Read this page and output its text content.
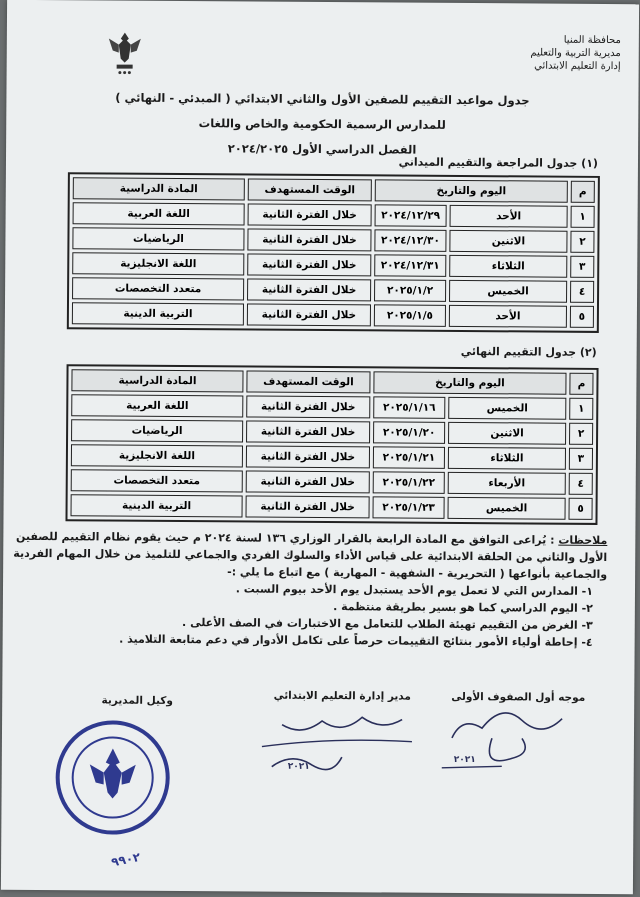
محافظة المنيا
مديرية التربية والتعليم
إدارة التعليم الابتدائي
● ● ●
جدول مواعيد التقييم للصفين الأول والثاني الابتدائي ( المبدئي - النهائي )
للمدارس الرسمية الحكومية والخاص واللغات
الفصل الدراسي الأول ٢٠٢٤/٢٠٢٥
(١) جدول المراجعة والتقييم الميداني
م	اليوم والتاريخ		الوقت المستهدف	المادة الدراسية
١	الأحد	٢٠٢٤/١٢/٢٩	خلال الفترة الثانية	اللغة العربية
٢	الاثنين	٢٠٢٤/١٢/٣٠	خلال الفترة الثانية	الرياضيات
٣	الثلاثاء	٢٠٢٤/١٢/٣١	خلال الفترة الثانية	اللغة الانجليزية
٤	الخميس	٢٠٢٥/١/٢	خلال الفترة الثانية	متعدد التخصصات
٥	الأحد	٢٠٢٥/١/٥	خلال الفترة الثانية	التربية الدينية
(٢) جدول التقييم النهائي
م	اليوم والتاريخ		الوقت المستهدف	المادة الدراسية
١	الخميس	٢٠٢٥/١/١٦	خلال الفترة الثانية	اللغة العربية
٢	الاثنين	٢٠٢٥/١/٢٠	خلال الفترة الثانية	الرياضيات
٣	الثلاثاء	٢٠٢٥/١/٢١	خلال الفترة الثانية	اللغة الانجليزية
٤	الأربعاء	٢٠٢٥/١/٢٢	خلال الفترة الثانية	متعدد التخصصات
٥	الخميس	٢٠٢٥/١/٢٣	خلال الفترة الثانية	التربية الدينية
ملاحظات : يُراعى التوافق مع المادة الرابعة بالقرار الوزاري ١٣٦ لسنة ٢٠٢٤ م حيث يقوم نظام التقييم للصفين الأول والثاني من الحلقة الابتدائية على قياس الأداء والسلوك الفردي والجماعي للتلميذ من خلال المهام الفردية والجماعية بأنواعها ( التحريرية - الشفهية - المهارية ) مع اتباع ما يلي :-
١- المدارس التي لا تعمل يوم الأحد يستبدل يوم الأحد بيوم السبت .
٢- اليوم الدراسي كما هو بسير بطريقة منتظمة .
٣- الغرض من التقييم تهيئة الطلاب للتعامل مع الاختبارات في الصف الأعلى .
٤- إحاطة أولياء الأمور بنتائج التقييمات حرصاً على تكامل الأدوار في دعم متابعة التلاميذ .
موجه أول الصفوف الأولى
مدير إدارة التعليم الابتدائي
وكيل المديرية
٢٠٢١
٢٠٢١
٩٩٠٢
